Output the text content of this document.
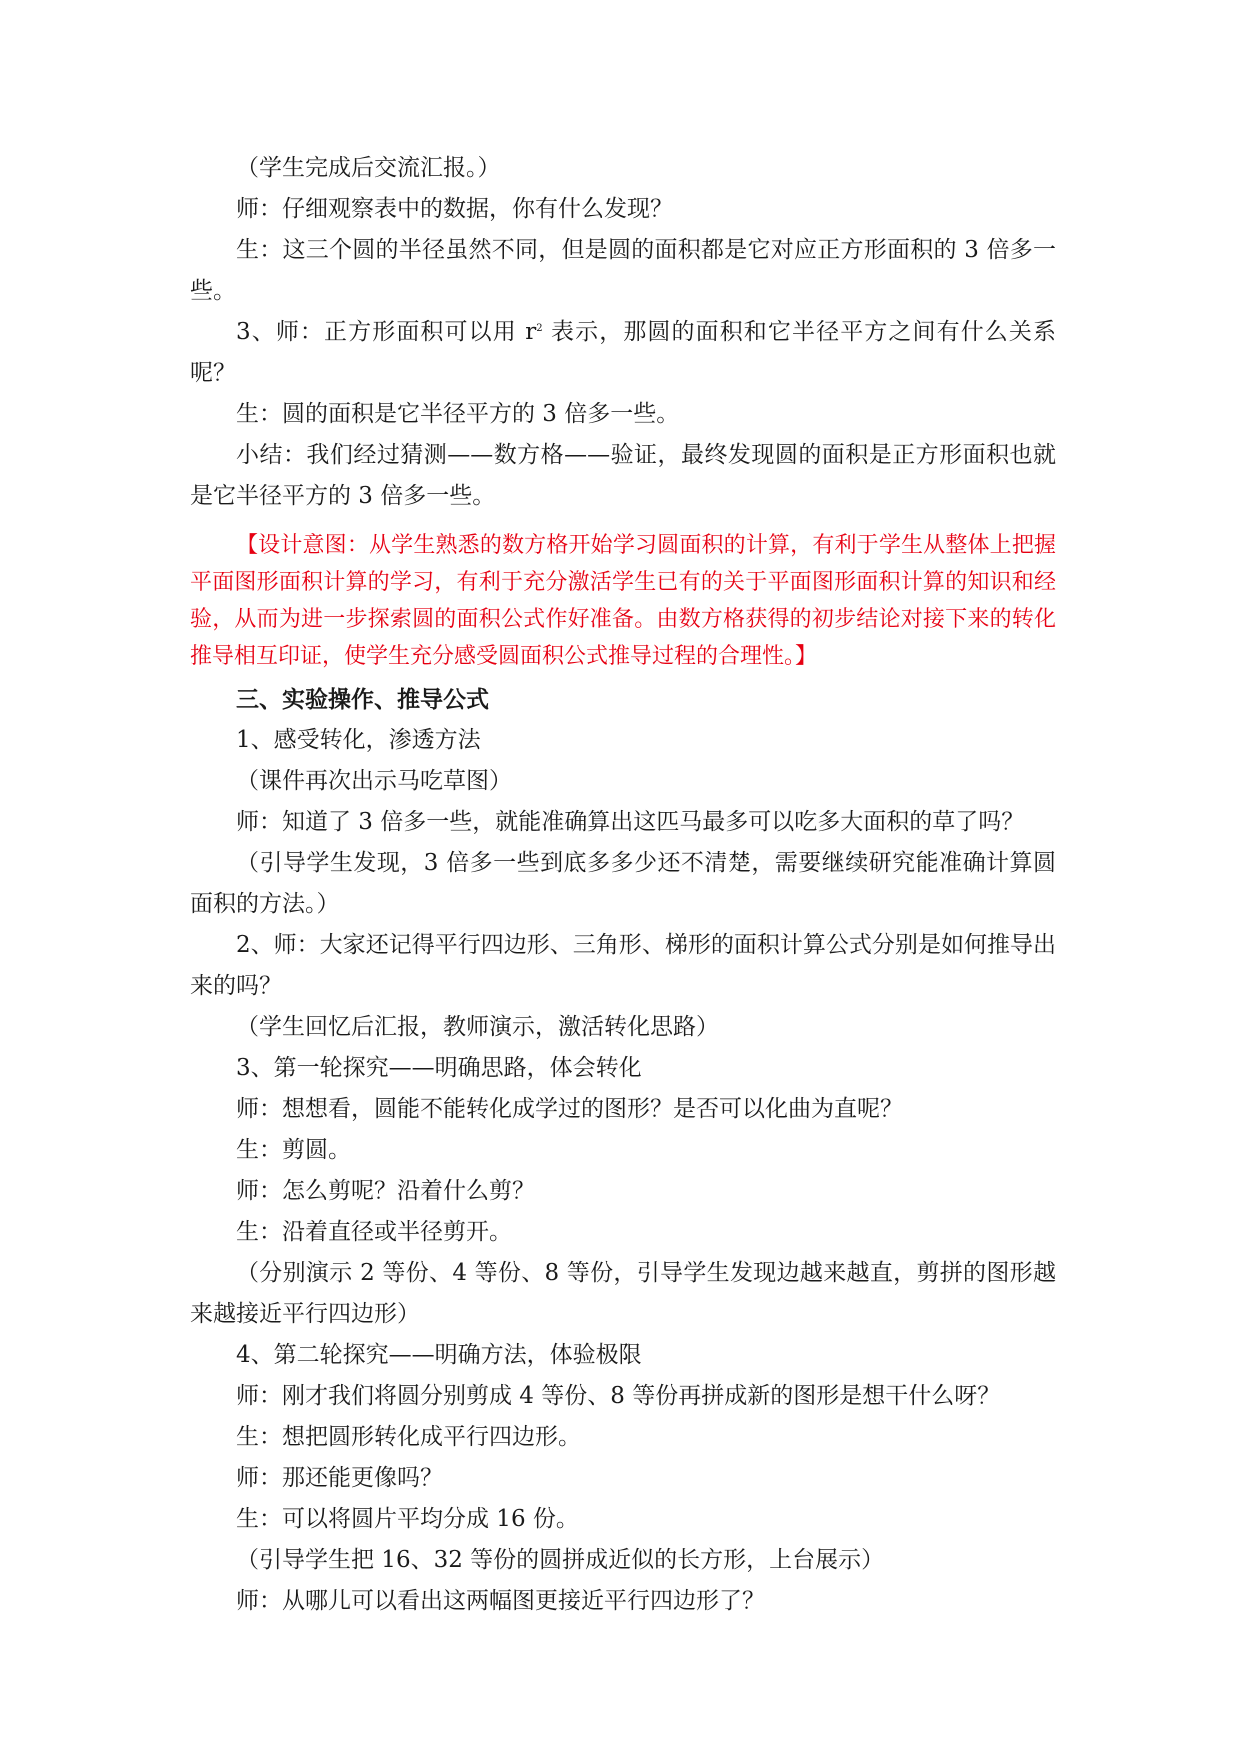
（学生完成后交流汇报。）

师：仔细观察表中的数据，你有什么发现？

生：这三个圆的半径虽然不同，但是圆的面积都是它对应正方形面积的 3 倍多一些。

3、师：正方形面积可以用 $r^2$ 表示，那圆的面积和它半径平方之间有什么关系呢？

生：圆的面积是它半径平方的 3 倍多一些。

小结：我们经过猜测——数方格——验证，最终发现圆的面积是正方形面积也就是它半径平方的 3 倍多一些。

【设计意图：从学生熟悉的数方格开始学习圆面积的计算，有利于学生从整体上把握平面图形面积计算的学习，有利于充分激活学生已有的关于平面图形面积计算的知识和经验，从而为进一步探索圆的面积公式作好准备。由数方格获得的初步结论对接下来的转化推导相互印证，使学生充分感受圆面积公式推导过程的合理性。】

三、实验操作、推导公式

1、感受转化，渗透方法

（课件再次出示马吃草图）

师：知道了 3 倍多一些，就能准确算出这匹马最多可以吃多大面积的草了吗？

（引导学生发现，3 倍多一些到底多多少还不清楚，需要继续研究能准确计算圆面积的方法。）

2、师：大家还记得平行四边形、三角形、梯形的面积计算公式分别是如何推导出来的吗？

（学生回忆后汇报，教师演示，激活转化思路）

3、第一轮探究——明确思路，体会转化

师：想想看，圆能不能转化成学过的图形？是否可以化曲为直呢？

生：剪圆。

师：怎么剪呢？沿着什么剪？

生：沿着直径或半径剪开。

（分别演示 2 等份、4 等份、8 等份，引导学生发现边越来越直，剪拼的图形越来越接近平行四边形）

4、第二轮探究——明确方法，体验极限

师：刚才我们将圆分别剪成 4 等份、8 等份再拼成新的图形是想干什么呀？

生：想把圆形转化成平行四边形。

师：那还能更像吗？

生：可以将圆片平均分成 16 份。

（引导学生把 16、32 等份的圆拼成近似的长方形，上台展示）

师：从哪儿可以看出这两幅图更接近平行四边形了？
